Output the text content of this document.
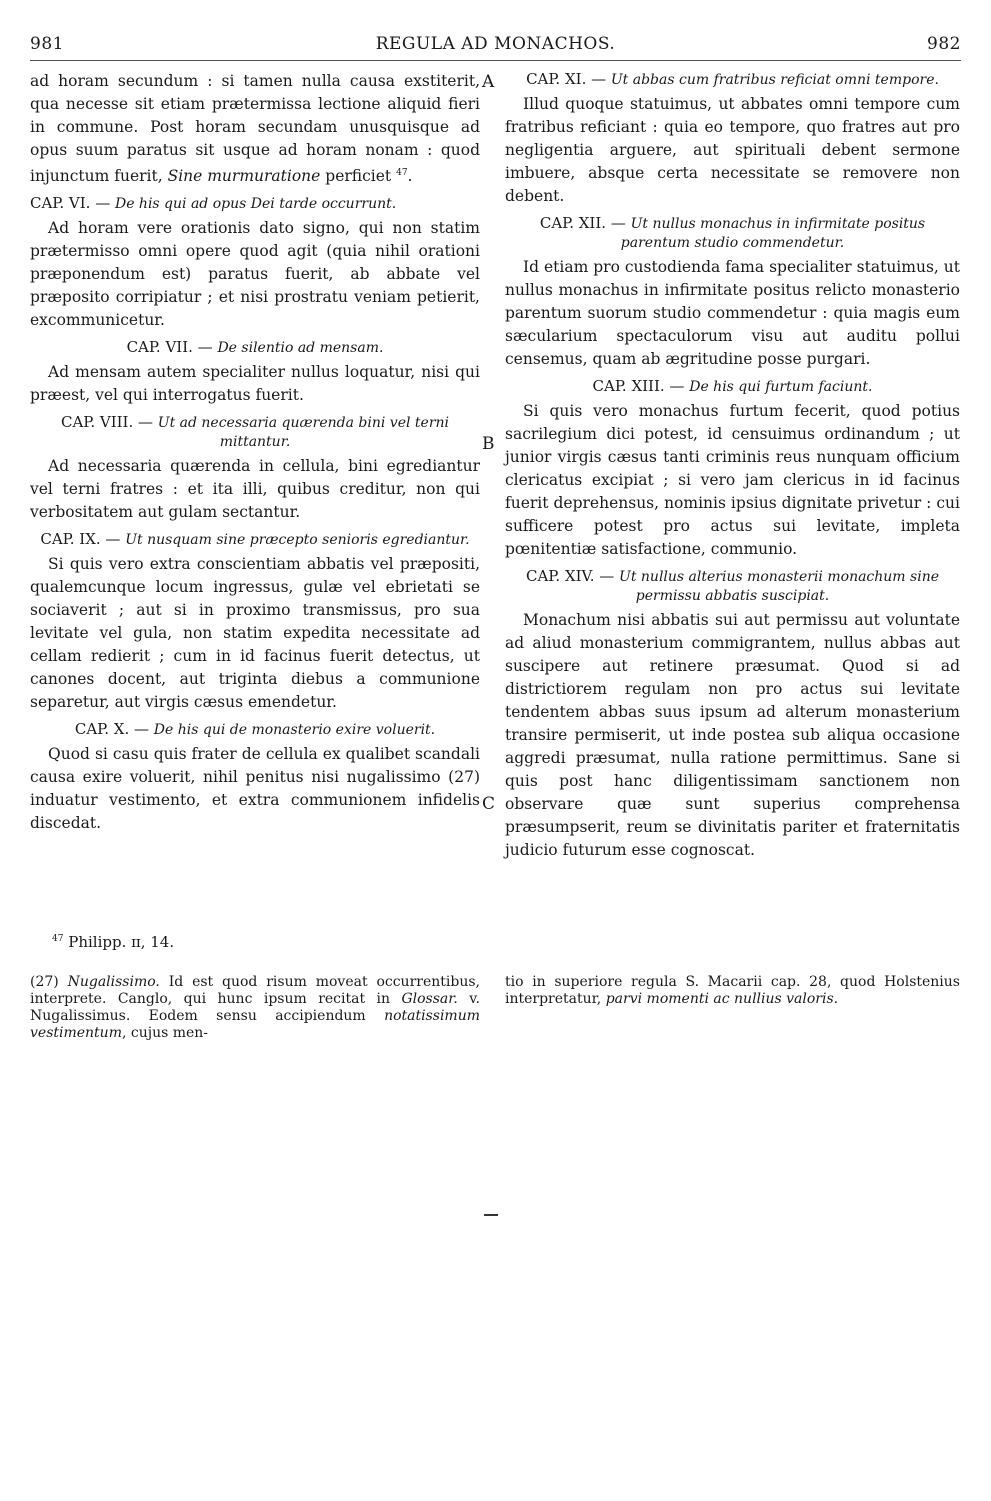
981	REGULA AD MONACHOS.	982
A
B
C

ad horam secundum : si tamen nulla causa exstiterit, qua necesse sit etiam prætermissa lectione aliquid fieri in commune. Post horam secundam unusquisque ad opus suum paratus sit usque ad horam nonam : quod injunctum fuerit, Sine murmuratione perficiet $^{47}$.

CAP. VI. — De his qui ad opus Dei tarde occurrunt.

Ad horam vere orationis dato signo, qui non statim prætermisso omni opere quod agit (quia nihil orationi præponendum est) paratus fuerit, ab abbate vel præposito corripiatur ; et nisi prostratu veniam petierit, excommunicetur.

CAP. VII. — De silentio ad mensam.

Ad mensam autem specialiter nullus loquatur, nisi qui præest, vel qui interrogatus fuerit.

CAP. VIII. — Ut ad necessaria quærenda bini vel terni mittantur.

Ad necessaria quærenda in cellula, bini egrediantur vel terni fratres : et ita illi, quibus creditur, non qui verbositatem aut gulam sectantur.

CAP. IX. — Ut nusquam sine præcepto senioris egrediantur.

Si quis vero extra conscientiam abbatis vel præpositi, qualemcunque locum ingressus, gulæ vel ebrietati se sociaverit ; aut si in proximo transmissus, pro sua levitate vel gula, non statim expedita necessitate ad cellam redierit ; cum in id facinus fuerit detectus, ut canones docent, aut triginta diebus a communione separetur, aut virgis cæsus emendetur.

CAP. X. — De his qui de monasterio exire voluerit.

Quod si casu quis frater de cellula ex qualibet scandali causa exire voluerit, nihil penitus nisi nugalissimo (27) induatur vestimento, et extra communionem infidelis discedat.

CAP. XI. — Ut abbas cum fratribus reficiat omni tempore.

Illud quoque statuimus, ut abbates omni tempore cum fratribus reficiant : quia eo tempore, quo fratres aut pro negligentia arguere, aut spirituali debent sermone imbuere, absque certa necessitate se removere non debent.

CAP. XII. — Ut nullus monachus in infirmitate positus parentum studio commendetur.

Id etiam pro custodienda fama specialiter statuimus, ut nullus monachus in infirmitate positus relicto monasterio parentum suorum studio commendetur : quia magis eum sæcularium spectaculorum visu aut auditu pollui censemus, quam ab ægritudine posse purgari.

CAP. XIII. — De his qui furtum faciunt.

Si quis vero monachus furtum fecerit, quod potius sacrilegium dici potest, id censuimus ordinandum ; ut junior virgis cæsus tanti criminis reus nunquam officium clericatus excipiat ; si vero jam clericus in id facinus fuerit deprehensus, nominis ipsius dignitate privetur : cui sufficere potest pro actus sui levitate, impleta pœnitentiæ satisfactione, communio.

CAP. XIV. — Ut nullus alterius monasterii monachum sine permissu abbatis suscipiat.

Monachum nisi abbatis sui aut permissu aut voluntate ad aliud monasterium commigrantem, nullus abbas aut suscipere aut retinere præsumat. Quod si ad districtiorem regulam non pro actus sui levitate tendentem abbas suus ipsum ad alterum monasterium transire permiserit, ut inde postea sub aliqua occasione aggredi præsumat, nulla ratione permittimus. Sane si quis post hanc diligentissimam sanctionem non observare quæ sunt superius comprehensa præsumpserit, reum se divinitatis pariter et fraternitatis judicio futurum esse cognoscat.

$^{47}$ Philipp. ɪɪ, 14.
(27) Nugalissimo. Id est quod risum moveat occurrentibus, interprete. Canglo, qui hunc ipsum recitat in Glossar. v. Nugalissimus. Eodem sensu accipiendum notatissimum vestimentum, cujus men-
tio in superiore regula S. Macarii cap. 28, quod Holstenius interpretatur, parvi momenti ac nullius valoris.
